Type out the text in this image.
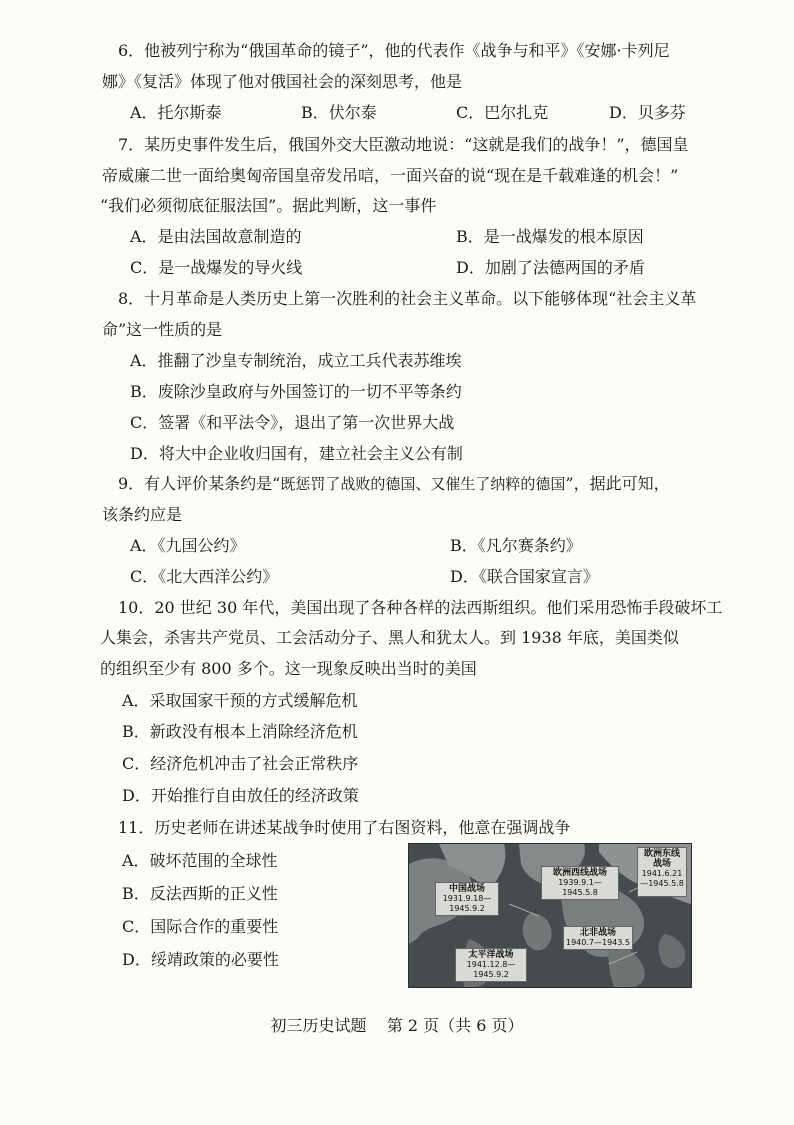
6．他被列宁称为“俄国革命的镜子”，他的代表作《战争与和平》《安娜·卡列尼
娜》《复活》体现了他对俄国社会的深刻思考，他是
A．托尔斯泰	B．伏尔泰	C．巴尔扎克	D．贝多芬
7．某历史事件发生后，俄国外交大臣激动地说：“这就是我们的战争！”，德国皇
帝威廉二世一面给奥匈帝国皇帝发吊唁，一面兴奋的说“现在是千载难逢的机会！”
“我们必须彻底征服法国”。据此判断，这一事件
A．是由法国故意制造的	B．是一战爆发的根本原因
C．是一战爆发的导火线	D．加剧了法德两国的矛盾
8．十月革命是人类历史上第一次胜利的社会主义革命。以下能够体现“社会主义革
命”这一性质的是
A．推翻了沙皇专制统治，成立工兵代表苏维埃
B．废除沙皇政府与外国签订的一切不平等条约
C．签署《和平法令》，退出了第一次世界大战
D．将大中企业收归国有，建立社会主义公有制
9．有人评价某条约是“既惩罚了战败的德国、又催生了纳粹的德国”，据此可知，
该条约应是
A．《九国公约》	B．《凡尔赛条约》
C．《北大西洋公约》	D．《联合国家宣言》
10．20 世纪 30 年代，美国出现了各种各样的法西斯组织。他们采用恐怖手段破坏工
人集会，杀害共产党员、工会活动分子、黑人和犹太人。到 1938 年底，美国类似
的组织至少有 800 多个。这一现象反映出当时的美国
A．采取国家干预的方式缓解危机
B．新政没有根本上消除经济危机
C．经济危机冲击了社会正常秩序
D．开始推行自由放任的经济政策
11．历史老师在讲述某战争时使用了右图资料，他意在强调战争
A．破坏范围的全球性
B．反法西斯的正义性
C．国际合作的重要性
D．绥靖政策的必要性
中国战场
1931.9.18—1945.9.2
欧洲西线战场
1939.9.1—1945.5.8
欧洲东线战场
1941.6.21—1945.5.8
太平洋战场
1941.12.8—1945.9.2
北非战场
1940.7—1943.5
初三历史试题 第 2 页（共 6 页）
